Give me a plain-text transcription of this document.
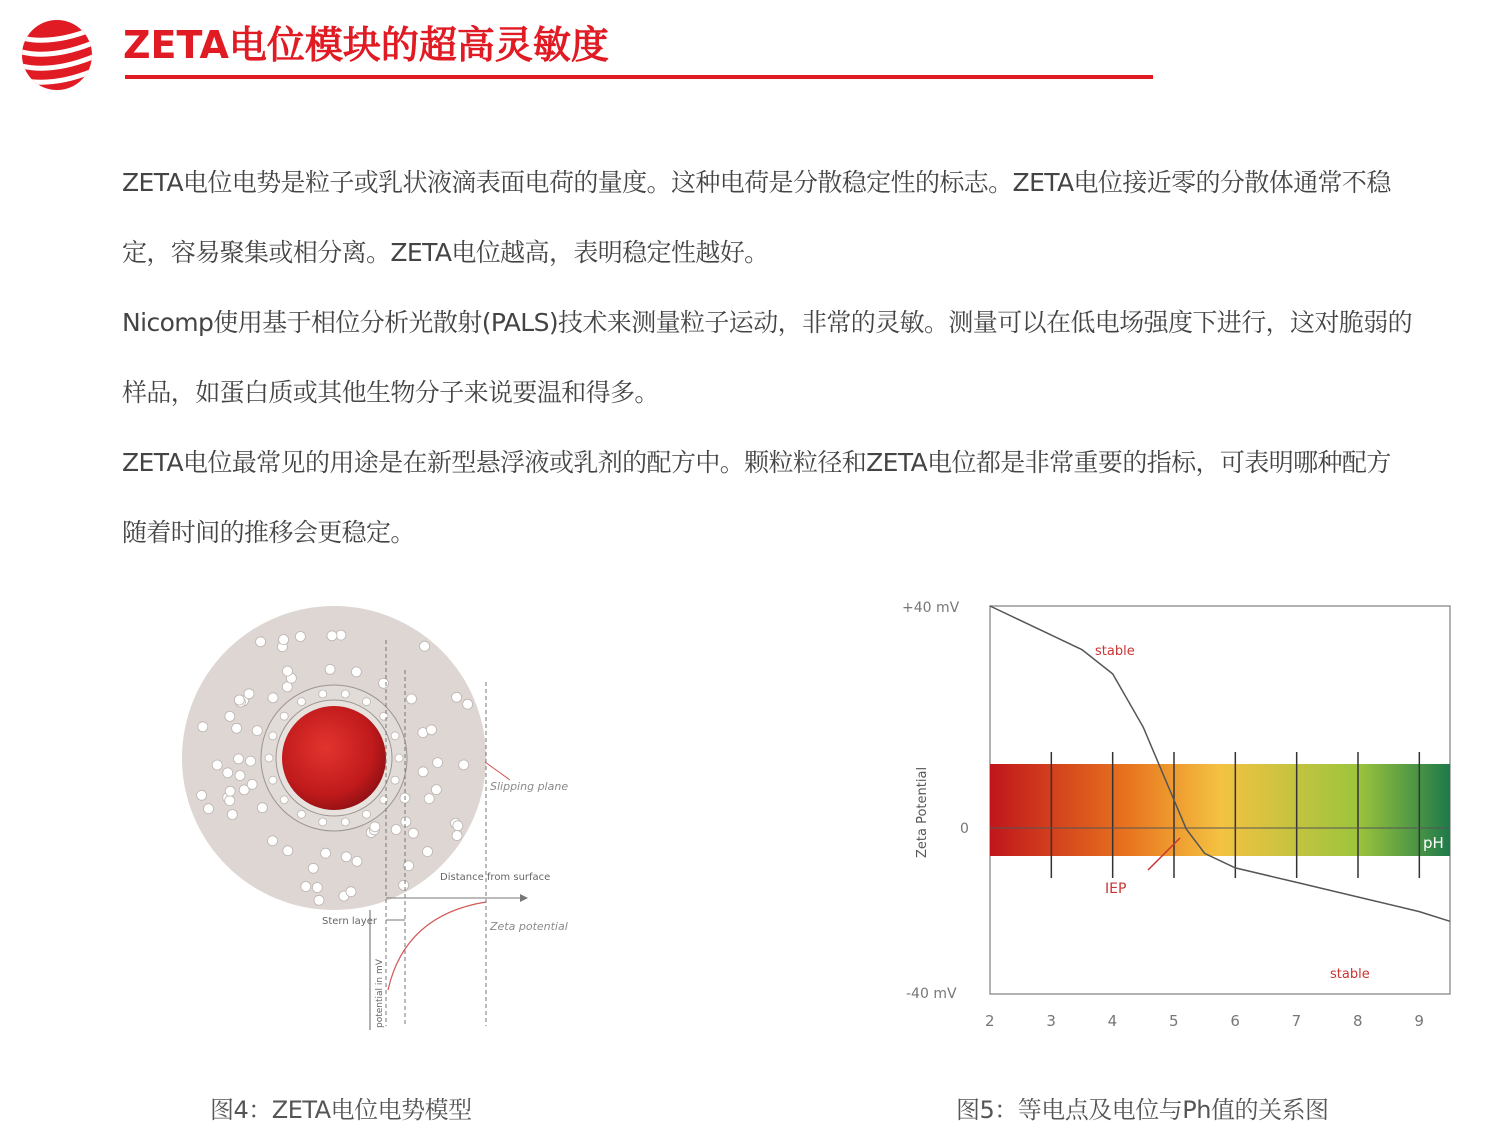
ZETA电位模块的超高灵敏度

ZETA电位电势是粒子或乳状液滴表面电荷的量度。这种电荷是分散稳定性的标志。ZETA电位接近零的分散体通常不稳定，容易聚集或相分离。ZETA电位越高，表明稳定性越好。

Nicomp使用基于相位分析光散射(PALS)技术来测量粒子运动，非常的灵敏。测量可以在低电场强度下进行，这对脆弱的样品，如蛋白质或其他生物分子来说要温和得多。

ZETA电位最常见的用途是在新型悬浮液或乳剂的配方中。颗粒粒径和ZETA电位都是非常重要的指标，可表明哪种配方随着时间的推移会更稳定。

Slipping plane
Distance from surface
Stern layer	Zeta potential
potential in mV	2	3	4	5	6	7	8	9
+40 mV
0
-40 mV
Zeta Potential
stable
stable
IEP
pH
图4：ZETA电位电势模型	图5：等电点及电位与Ph值的关系图
